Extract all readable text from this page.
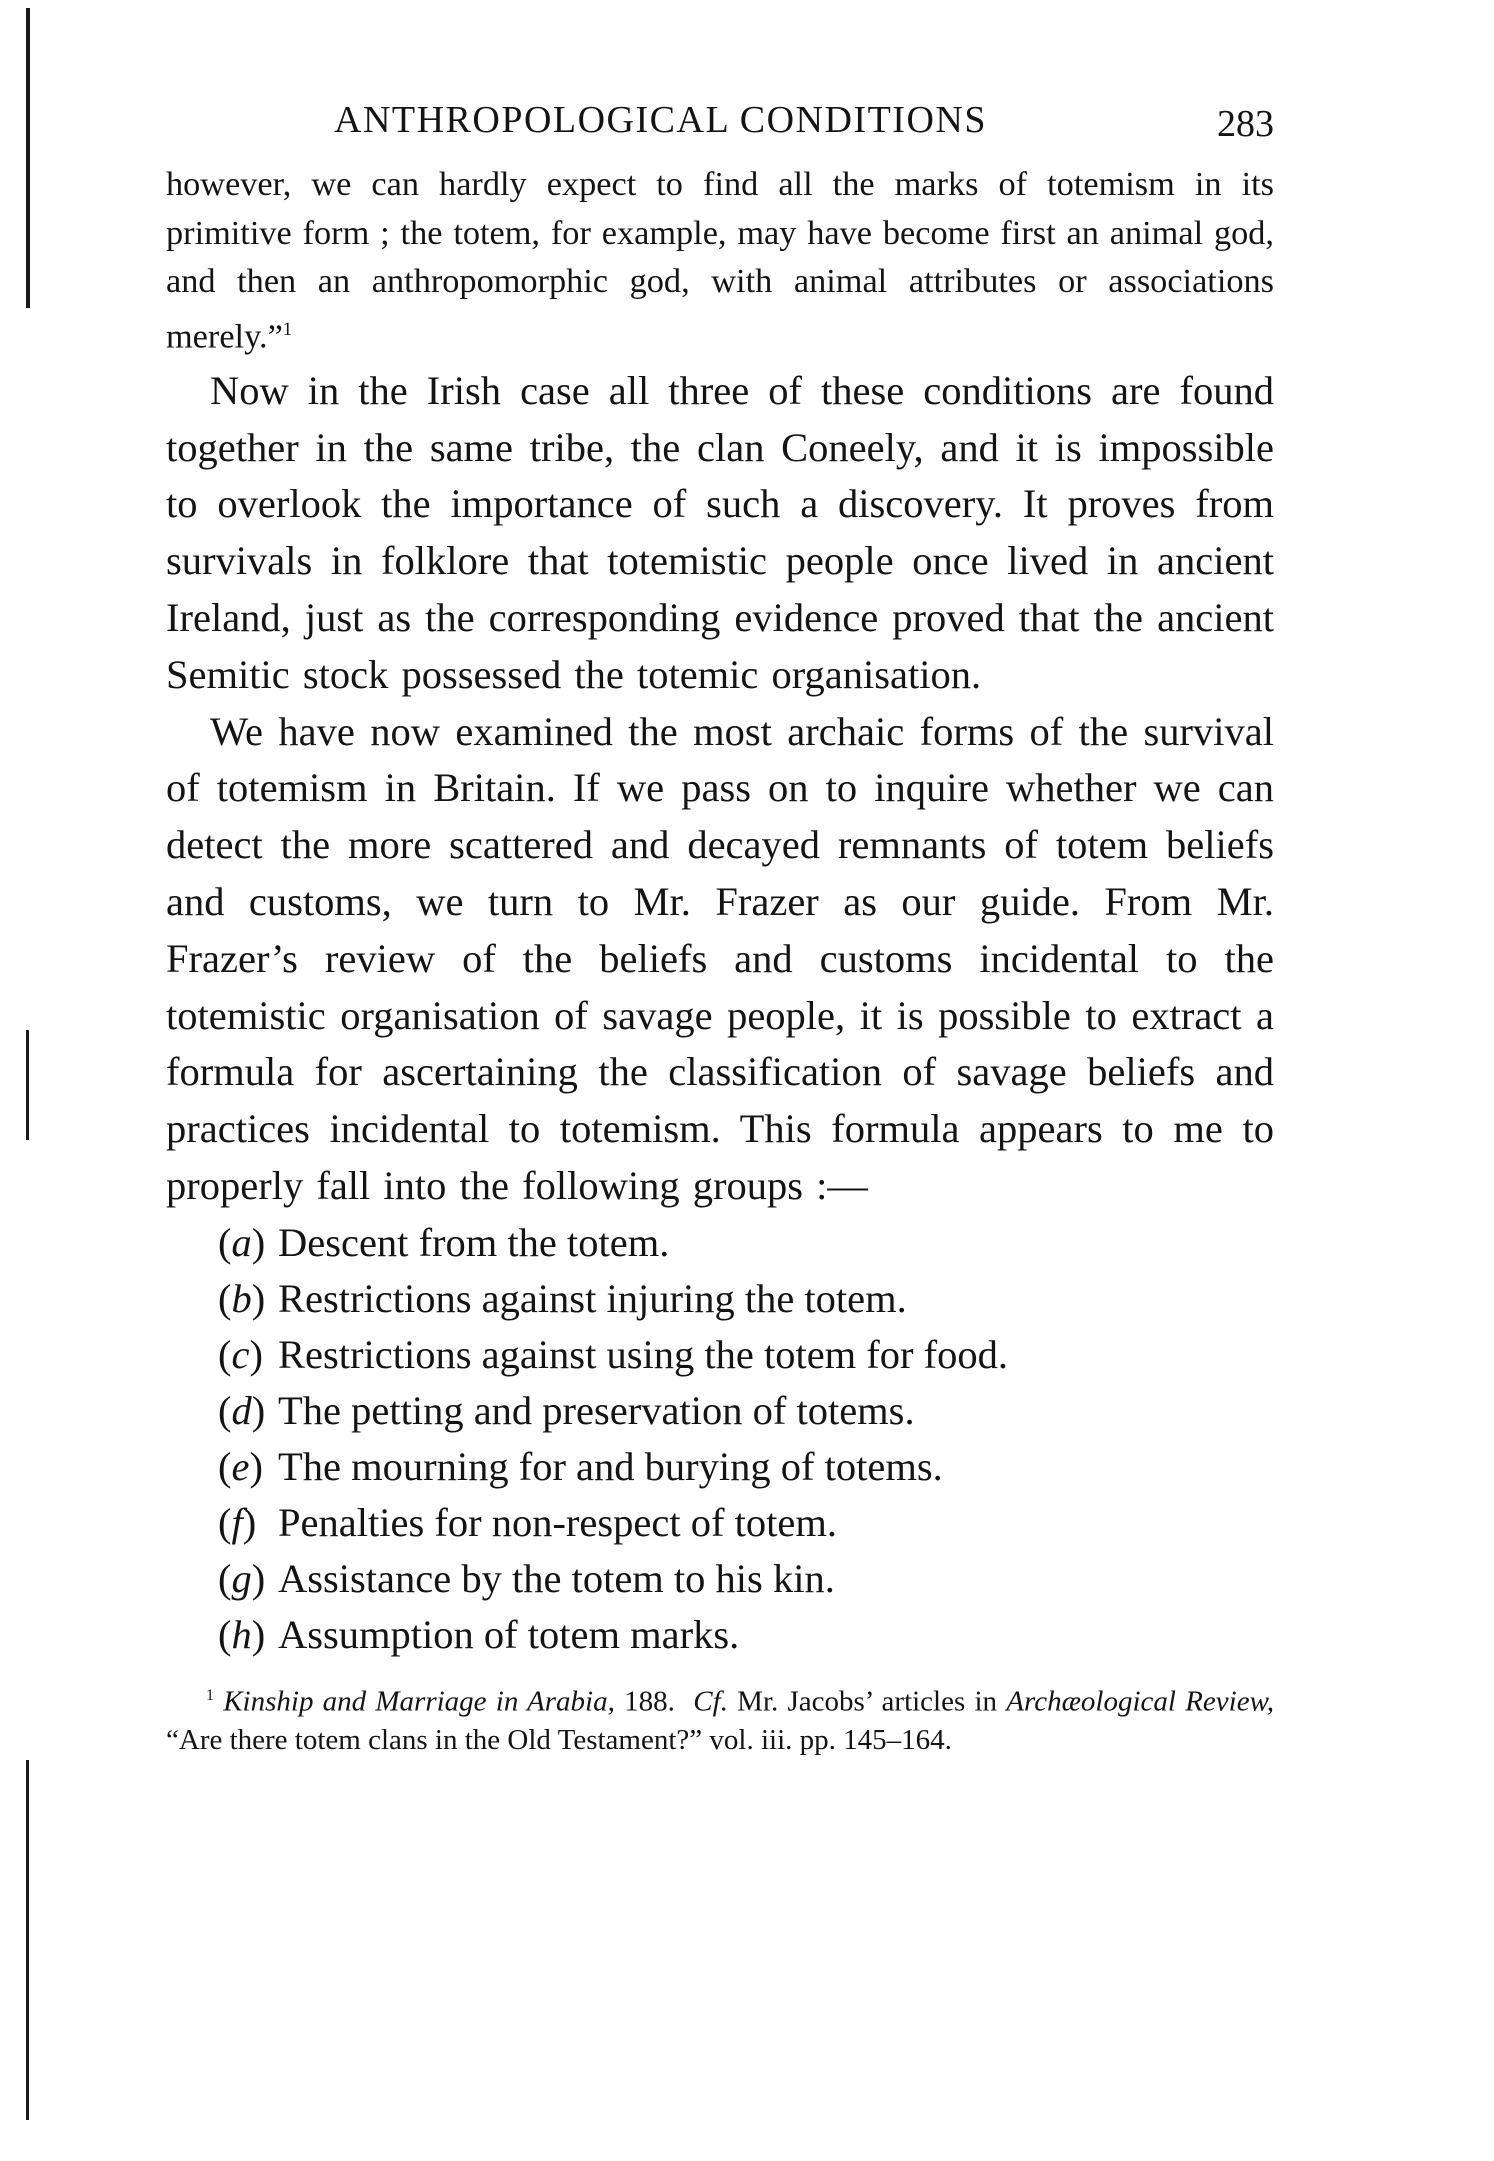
ANTHROPOLOGICAL CONDITIONS	283

however, we can hardly expect to find all the marks of totemism in its primitive form ; the totem, for example, may have become first an animal god, and then an anthropomorphic god, with animal attributes or associations merely.”$^1$

Now in the Irish case all three of these conditions are found together in the same tribe, the clan Coneely, and it is impossible to overlook the importance of such a discovery. It proves from survivals in folklore that totemistic people once lived in ancient Ireland, just as the corresponding evidence proved that the ancient Semitic stock possessed the totemic organisation.

We have now examined the most archaic forms of the survival of totemism in Britain. If we pass on to inquire whether we can detect the more scattered and decayed remnants of totem beliefs and customs, we turn to Mr. Frazer as our guide. From Mr. Frazer’s review of the beliefs and customs incidental to the totemistic organisation of savage people, it is possible to extract a formula for ascertaining the classification of savage beliefs and practices incidental to totemism. This formula appears to me to properly fall into the following groups :—

(a) Descent from the totem.
(b) Restrictions against injuring the totem.
(c) Restrictions against using the totem for food.
(d) The petting and preservation of totems.
(e) The mourning for and burying of totems.
(f) Penalties for non-respect of totem.
(g) Assistance by the totem to his kin.
(h) Assumption of totem marks.

$^1$ Kinship and Marriage in Arabia, 188. Cf. Mr. Jacobs’ articles in Archæological Review, “Are there totem clans in the Old Testament?” vol. iii. pp. 145–164.
